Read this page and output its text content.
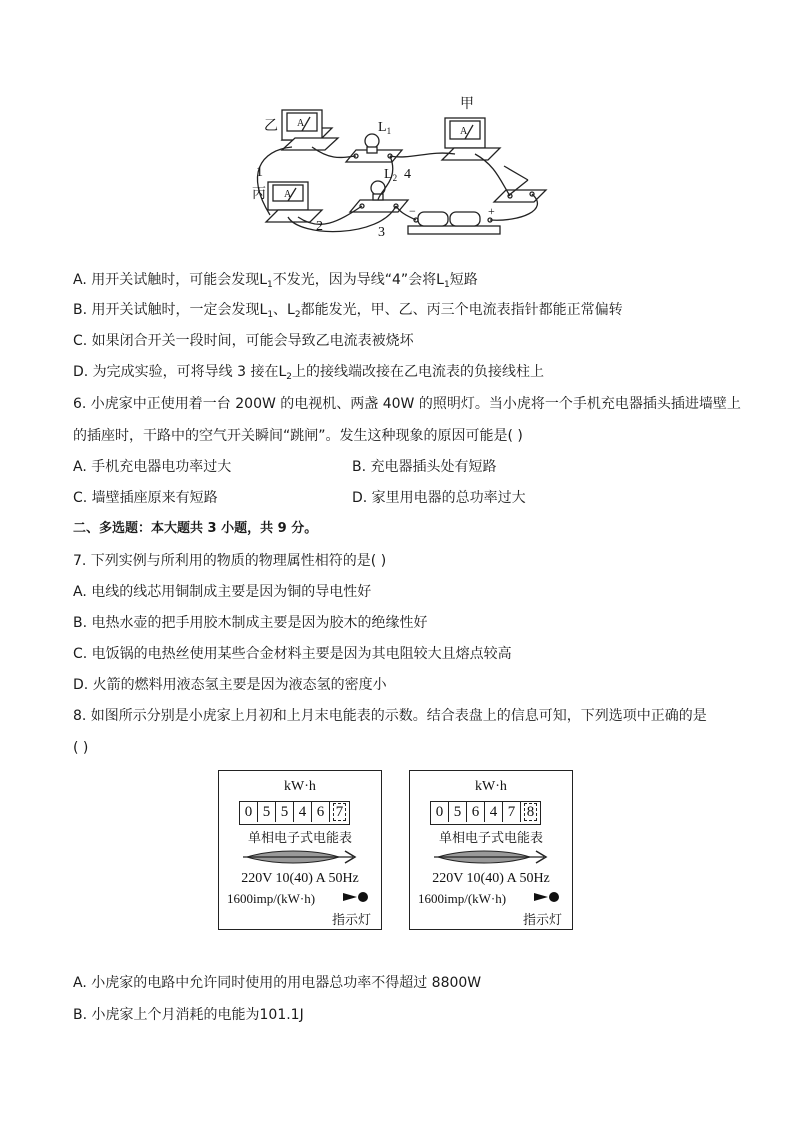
甲
乙
丙
$L_1$
$L_2$
1
2	3
4
A
A
A
−	+
A. 用开关试触时，可能会发现$L_1$不发光，因为导线“4”会将$L_1$短路
B. 用开关试触时，一定会发现$L_1$、$L_2$都能发光，甲、乙、丙三个电流表指针都能正常偏转
C. 如果闭合开关一段时间，可能会导致乙电流表被烧坏
D. 为完成实验，可将导线 3 接在$L_2$上的接线端改接在乙电流表的负接线柱上
6. 小虎家中正使用着一台 200W 的电视机、两盏 40W 的照明灯。当小虎将一个手机充电器插头插进墙壁上
的插座时，干路中的空气开关瞬间“跳闸”。发生这种现象的原因可能是( )
A. 手机充电器电功率过大	B. 充电器插头处有短路
C. 墙壁插座原来有短路	D. 家里用电器的总功率过大
二、多选题：本大题共 3 小题，共 9 分。
7. 下列实例与所利用的物质的物理属性相符的是( )
A. 电线的线芯用铜制成主要是因为铜的导电性好
B. 电热水壶的把手用胶木制成主要是因为胶木的绝缘性好
C. 电饭锅的电热丝使用某些合金材料主要是因为其电阻较大且熔点较高
D. 火箭的燃料用液态氢主要是因为液态氢的密度小
8. 如图所示分别是小虎家上月初和上月末电能表的示数。结合表盘上的信息可知，下列选项中正确的是
( )
kW·h
0 5 5 4 6 7
单相电子式电能表
220V 10(40) A 50Hz
1600imp/(kW·h)
指示灯
kW·h
0 5 6 4 7 8
单相电子式电能表
220V 10(40) A 50Hz
1600imp/(kW·h)
指示灯
A. 小虎家的电路中允许同时使用的用电器总功率不得超过 8800W
B. 小虎家上个月消耗的电能为101.1J
